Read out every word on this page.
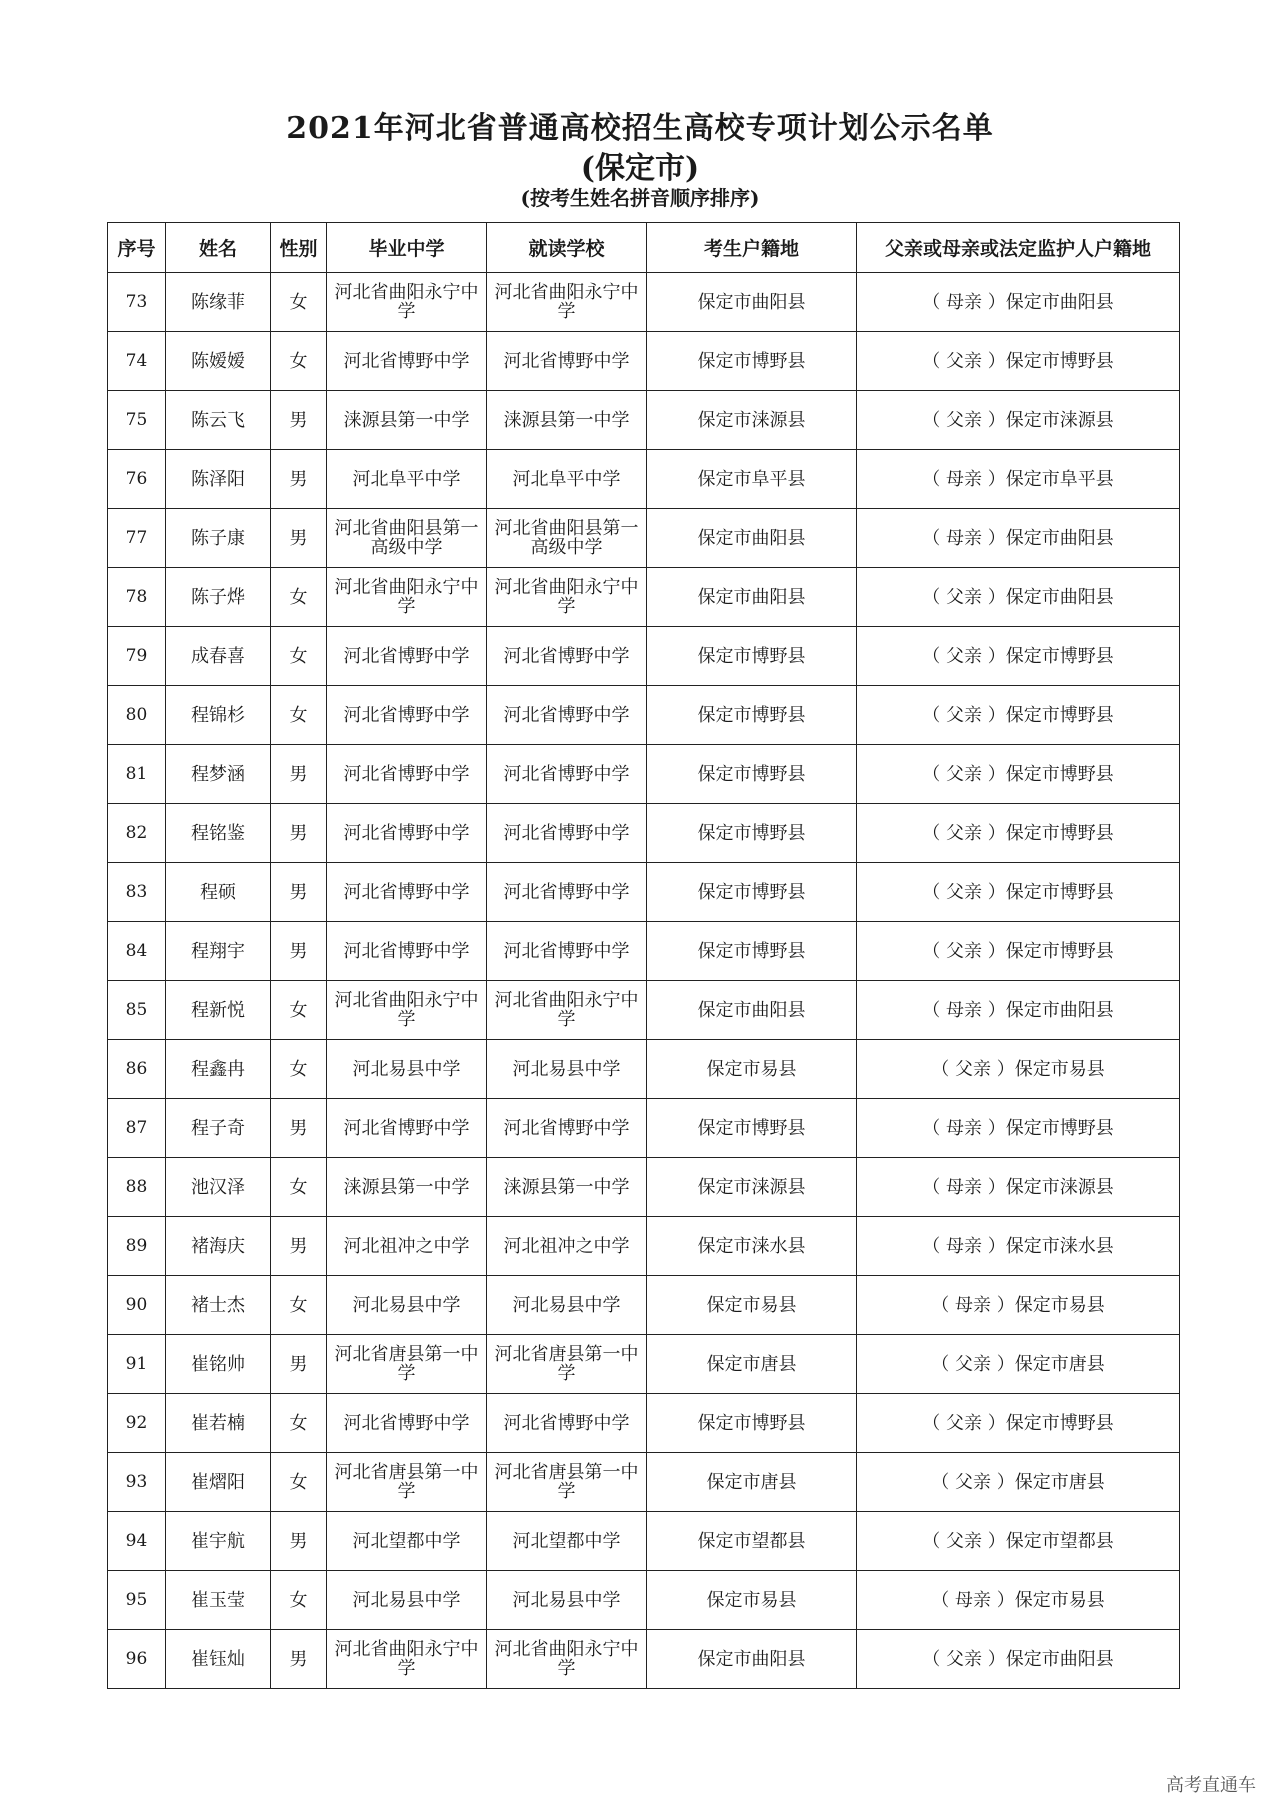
2021年河北省普通高校招生高校专项计划公示名单
(保定市)
(按考生姓名拼音顺序排序)
序号	姓名	性别	毕业中学	就读学校	考生户籍地	父亲或母亲或法定监护人户籍地
73	陈缘菲	女	河北省曲阳永宁中学	河北省曲阳永宁中学	保定市曲阳县	（ 母亲 ）保定市曲阳县
74	陈嫒嫒	女	河北省博野中学	河北省博野中学	保定市博野县	（ 父亲 ）保定市博野县
75	陈云飞	男	涞源县第一中学	涞源县第一中学	保定市涞源县	（ 父亲 ）保定市涞源县
76	陈泽阳	男	河北阜平中学	河北阜平中学	保定市阜平县	（ 母亲 ）保定市阜平县
77	陈子康	男	河北省曲阳县第一高级中学	河北省曲阳县第一高级中学	保定市曲阳县	（ 母亲 ）保定市曲阳县
78	陈子烨	女	河北省曲阳永宁中学	河北省曲阳永宁中学	保定市曲阳县	（ 父亲 ）保定市曲阳县
79	成春喜	女	河北省博野中学	河北省博野中学	保定市博野县	（ 父亲 ）保定市博野县
80	程锦杉	女	河北省博野中学	河北省博野中学	保定市博野县	（ 父亲 ）保定市博野县
81	程梦涵	男	河北省博野中学	河北省博野中学	保定市博野县	（ 父亲 ）保定市博野县
82	程铭鉴	男	河北省博野中学	河北省博野中学	保定市博野县	（ 父亲 ）保定市博野县
83	程硕	男	河北省博野中学	河北省博野中学	保定市博野县	（ 父亲 ）保定市博野县
84	程翔宇	男	河北省博野中学	河北省博野中学	保定市博野县	（ 父亲 ）保定市博野县
85	程新悦	女	河北省曲阳永宁中学	河北省曲阳永宁中学	保定市曲阳县	（ 母亲 ）保定市曲阳县
86	程鑫冉	女	河北易县中学	河北易县中学	保定市易县	（ 父亲 ）保定市易县
87	程子奇	男	河北省博野中学	河北省博野中学	保定市博野县	（ 母亲 ）保定市博野县
88	池汉泽	女	涞源县第一中学	涞源县第一中学	保定市涞源县	（ 母亲 ）保定市涞源县
89	褚海庆	男	河北祖冲之中学	河北祖冲之中学	保定市涞水县	（ 母亲 ）保定市涞水县
90	褚士杰	女	河北易县中学	河北易县中学	保定市易县	（ 母亲 ）保定市易县
91	崔铭帅	男	河北省唐县第一中学	河北省唐县第一中学	保定市唐县	（ 父亲 ）保定市唐县
92	崔若楠	女	河北省博野中学	河北省博野中学	保定市博野县	（ 父亲 ）保定市博野县
93	崔熠阳	女	河北省唐县第一中学	河北省唐县第一中学	保定市唐县	（ 父亲 ）保定市唐县
94	崔宇航	男	河北望都中学	河北望都中学	保定市望都县	（ 父亲 ）保定市望都县
95	崔玉莹	女	河北易县中学	河北易县中学	保定市易县	（ 母亲 ）保定市易县
96	崔钰灿	男	河北省曲阳永宁中学	河北省曲阳永宁中学	保定市曲阳县	（ 父亲 ）保定市曲阳县
高考直通车
